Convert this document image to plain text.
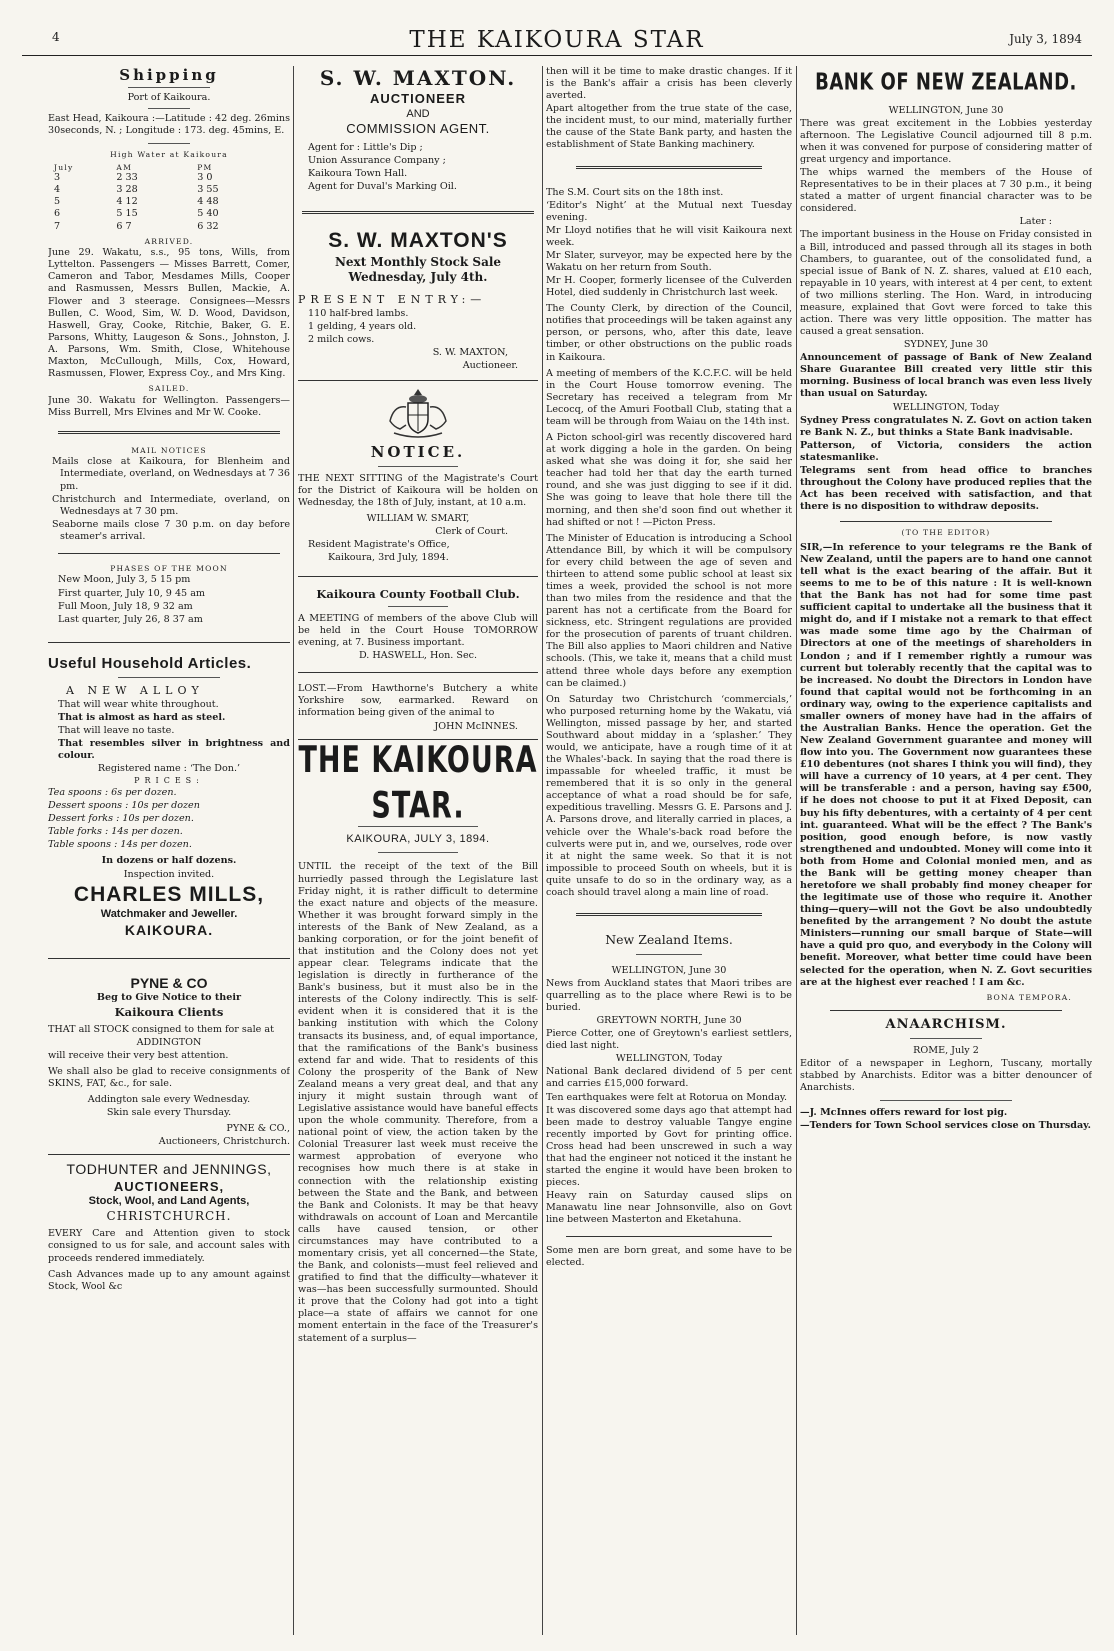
4	THE KAIKOURA STAR	July 3, 1894
Shipping

Port of Kaikoura.

East Head, Kaikoura :—Latitude : 42 deg. 26mins 30seconds, N. ; Longitude : 173. deg. 45mins, E.

High Water at Kaikoura

July	AM	PM
3	2 33	3 0
4	3 28	3 55
5	4 12	4 48
6	5 15	5 40
7	6 7	6 32

ARRIVED.

June 29. Wakatu, s.s., 95 tons, Wills, from Lyttelton. Passengers — Misses Barrett, Comer, Cameron and Tabor, Mesdames Mills, Cooper and Rasmussen, Messrs Bullen, Mackie, A. Flower and 3 steerage. Consignees—Messrs Bullen, C. Wood, Sim, W. D. Wood, Davidson, Haswell, Gray, Cooke, Ritchie, Baker, G. E. Parsons, Whitty, Laugeson & Sons., Johnston, J. A. Parsons, Wm. Smith, Close, Whitehouse Maxton, McCullough, Mills, Cox, Howard, Rasmussen, Flower, Express Coy., and Mrs King.

SAILED.

June 30. Wakatu for Wellington. Passengers—Miss Burrell, Mrs Elvines and Mr W. Cooke.

MAIL NOTICES

Mails close at Kaikoura, for Blenheim and Intermediate, overland, on Wednesdays at 7 36 pm.

Christchurch and Intermediate, overland, on Wednesdays at 7 30 pm.

Seaborne mails close 7 30 p.m. on day before steamer's arrival.

PHASES OF THE MOON

New Moon, July 3, 5 15 pm

First quarter, July 10, 9 45 am

Full Moon, July 18, 9 32 am

Last quarter, July 26, 8 37 am

Useful Household Articles.

A NEW ALLOY

That will wear white throughout.

That is almost as hard as steel.

That will leave no taste.

That resembles silver in brightness and colour.

Registered name : ‘The Don.’

PRICES:

Tea spoons : 6s per dozen.

Dessert spoons : 10s per dozen

Dessert forks : 10s per dozen.

Table forks : 14s per dozen.

Table spoons : 14s per dozen.

In dozens or half dozens.

Inspection invited.

CHARLES MILLS,
Watchmaker and Jeweller.
KAIKOURA.
PYNE & CO

Beg to Give Notice to their

Kaikoura Clients

THAT all STOCK consigned to them for sale at

ADDINGTON

will receive their very best attention.

We shall also be glad to receive consignments of SKINS, FAT, &c., for sale.

Addington sale every Wednesday.

Skin sale every Thursday.

PYNE & CO.,

Auctioneers, Christchurch.

TODHUNTER and JENNINGS,
AUCTIONEERS,
Stock, Wool, and Land Agents,
CHRISTCHURCH.

EVERY Care and Attention given to stock consigned to us for sale, and account sales with proceeds rendered immediately.

Cash Advances made up to any amount against Stock, Wool &c

S. W. MAXTON.
AUCTIONEER
AND
COMMISSION AGENT.

Agent for : Little's Dip ;

Union Assurance Company ;

Kaikoura Town Hall.

Agent for Duval's Marking Oil.

S. W. MAXTON'S
Next Monthly Stock Sale
Wednesday, July 4th.

PRESENT ENTRY:—

110 half-bred lambs.

1 gelding, 4 years old.

2 milch cows.

S. W. MAXTON,

Auctioneer.

NOTICE.

THE NEXT SITTING of the Magistrate's Court for the District of Kaikoura will be holden on Wednesday, the 18th of July, instant, at 10 a.m.

WILLIAM W. SMART,

Clerk of Court.

Resident Magistrate's Office,

Kaikoura, 3rd July, 1894.

Kaikoura County Football Club.

A MEETING of members of the above Club will be held in the Court House TOMORROW evening, at 7. Business important.

D. HASWELL, Hon. Sec.

LOST.—From Hawthorne's Butchery a white Yorkshire sow, earmarked. Reward on information being given of the animal to

JOHN McINNES.

THE KAIKOURA STAR.

KAIKOURA, JULY 3, 1894.

UNTIL the receipt of the text of the Bill hurriedly passed through the Legislature last Friday night, it is rather difficult to determine the exact nature and objects of the measure. Whether it was brought forward simply in the interests of the Bank of New Zealand, as a banking corporation, or for the joint benefit of that institution and the Colony does not yet appear clear. Telegrams indicate that the legislation is directly in furtherance of the Bank's business, but it must also be in the interests of the Colony indirectly. This is self-evident when it is considered that it is the banking institution with which the Colony transacts its business, and, of equal importance, that the ramifications of the Bank's business extend far and wide. That to residents of this Colony the prosperity of the Bank of New Zealand means a very great deal, and that any injury it might sustain through want of Legislative assistance would have baneful effects upon the whole community. Therefore, from a national point of view, the action taken by the Colonial Treasurer last week must receive the warmest approbation of everyone who recognises how much there is at stake in connection with the relationship existing between the State and the Bank, and between the Bank and Colonists. It may be that heavy withdrawals on account of Loan and Mercantile calls have caused tension, or other circumstances may have contributed to a momentary crisis, yet all concerned—the State, the Bank, and colonists—must feel relieved and gratified to find that the difficulty—whatever it was—has been successfully surmounted. Should it prove that the Colony had got into a tight place—a state of affairs we cannot for one moment entertain in the face of the Treasurer's statement of a surplus—

then will it be time to make drastic changes. If it is the Bank's affair a crisis has been cleverly averted.

Apart altogether from the true state of the case, the incident must, to our mind, materially further the cause of the State Bank party, and hasten the establishment of State Banking machinery.

The S.M. Court sits on the 18th inst.

‘Editor's Night’ at the Mutual next Tuesday evening.

Mr Lloyd notifies that he will visit Kaikoura next week.

Mr Slater, surveyor, may be expected here by the Wakatu on her return from South.

Mr H. Cooper, formerly licensee of the Culverden Hotel, died suddenly in Christchurch last week.

The County Clerk, by direction of the Council, notifies that proceedings will be taken against any person, or persons, who, after this date, leave timber, or other obstructions on the public roads in Kaikoura.

A meeting of members of the K.C.F.C. will be held in the Court House tomorrow evening. The Secretary has received a telegram from Mr Lecocq, of the Amuri Football Club, stating that a team will be through from Waiau on the 14th inst.

A Picton school-girl was recently discovered hard at work digging a hole in the garden. On being asked what she was doing it for, she said her teacher had told her that day the earth turned round, and she was just digging to see if it did. She was going to leave that hole there till the morning, and then she'd soon find out whether it had shifted or not ! —Picton Press.

The Minister of Education is introducing a School Attendance Bill, by which it will be compulsory for every child between the age of seven and thirteen to attend some public school at least six times a week, provided the school is not more than two miles from the residence and that the parent has not a certificate from the Board for sickness, etc. Stringent regulations are provided for the prosecution of parents of truant children. The Bill also applies to Maori children and Native schools. (This, we take it, means that a child must attend three whole days before any exemption can be claimed.)

On Saturday two Christchurch ‘commercials,’ who purposed returning home by the Wakatu, viá Wellington, missed passage by her, and started Southward about midday in a ‘splasher.’ They would, we anticipate, have a rough time of it at the Whales'-back. In saying that the road there is impassable for wheeled traffic, it must be remembered that it is so only in the general acceptance of what a road should be for safe, expeditious travelling. Messrs G. E. Parsons and J. A. Parsons drove, and literally carried in places, a vehicle over the Whale's-back road before the culverts were put in, and we, ourselves, rode over it at night the same week. So that it is not impossible to proceed South on wheels, but it is quite unsafe to do so in the ordinary way, as a coach should travel along a main line of road.

New Zealand Items.

WELLINGTON, June 30

News from Auckland states that Maori tribes are quarrelling as to the place where Rewi is to be buried.

GREYTOWN NORTH, June 30

Pierce Cotter, one of Greytown's earliest settlers, died last night.

WELLINGTON, Today

National Bank declared dividend of 5 per cent and carries £15,000 forward.

Ten earthquakes were felt at Rotorua on Monday.

It was discovered some days ago that attempt had been made to destroy valuable Tangye engine recently imported by Govt for printing office. Cross head had been unscrewed in such a way that had the engineer not noticed it the instant he started the engine it would have been broken to pieces.

Heavy rain on Saturday caused slips on Manawatu line near Johnsonville, also on Govt line between Masterton and Eketahuna.

Some men are born great, and some have to be elected.

BANK OF NEW ZEALAND.

WELLINGTON, June 30

There was great excitement in the Lobbies yesterday afternoon. The Legislative Council adjourned till 8 p.m. when it was convened for purpose of considering matter of great urgency and importance.

The whips warned the members of the House of Representatives to be in their places at 7 30 p.m., it being stated a matter of urgent financial character was to be considered.

Later :

The important business in the House on Friday consisted in a Bill, introduced and passed through all its stages in both Chambers, to guarantee, out of the consolidated fund, a special issue of Bank of N. Z. shares, valued at £10 each, repayable in 10 years, with interest at 4 per cent, to extent of two millions sterling. The Hon. Ward, in introducing measure, explained that Govt were forced to take this action. There was very little opposition. The matter has caused a great sensation.

SYDNEY, June 30

Announcement of passage of Bank of New Zealand Share Guarantee Bill created very little stir this morning. Business of local branch was even less lively than usual on Saturday.

WELLINGTON, Today

Sydney Press congratulates N. Z. Govt on action taken re Bank N. Z., but thinks a State Bank inadvisable.

Patterson, of Victoria, considers the action statesmanlike.

Telegrams sent from head office to branches throughout the Colony have produced replies that the Act has been received with satisfaction, and that there is no disposition to withdraw deposits.

(TO THE EDITOR)

SIR,—In reference to your telegrams re the Bank of New Zealand, until the papers are to hand one cannot tell what is the exact bearing of the affair. But it seems to me to be of this nature : It is well-known that the Bank has not had for some time past sufficient capital to undertake all the business that it might do, and if I mistake not a remark to that effect was made some time ago by the Chairman of Directors at one of the meetings of shareholders in London ; and if I remember rightly a rumour was current but tolerably recently that the capital was to be increased. No doubt the Directors in London have found that capital would not be forthcoming in an ordinary way, owing to the experience capitalists and smaller owners of money have had in the affairs of the Australian Banks. Hence the operation. Get the New Zealand Government guarantee and money will flow into you. The Government now guarantees these £10 debentures (not shares I think you will find), they will have a currency of 10 years, at 4 per cent. They will be transferable : and a person, having say £500, if he does not choose to put it at Fixed Deposit, can buy his fifty debentures, with a certainty of 4 per cent int. guaranteed. What will be the effect ? The Bank's position, good enough before, is now vastly strengthened and undoubted. Money will come into it both from Home and Colonial monied men, and as the Bank will be getting money cheaper than heretofore we shall probably find money cheaper for the legitimate use of those who require it. Another thing—query—will not the Govt be also undoubtedly benefited by the arrangement ? No doubt the astute Ministers—running our small barque of State—will have a quid pro quo, and everybody in the Colony will benefit. Moreover, what better time could have been selected for the operation, when N. Z. Govt securities are at the highest ever reached ! I am &c.

BONA TEMPORA.

ANAARCHISM.

ROME, July 2

Editor of a newspaper in Leghorn, Tuscany, mortally stabbed by Anarchists. Editor was a bitter denouncer of Anarchists.

—J. McInnes offers reward for lost pig.

—Tenders for Town School services close on Thursday.
